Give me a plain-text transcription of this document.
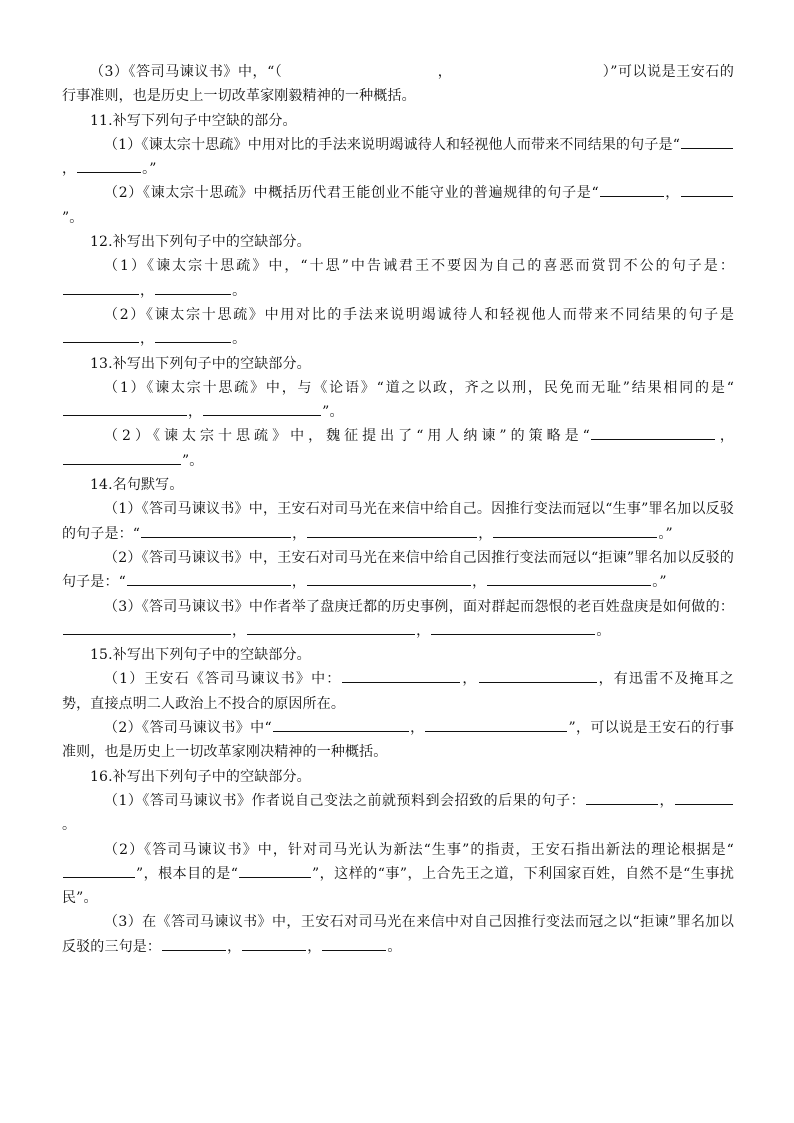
（3）《答司马谏议书》中，“（	，	）”可以说是王安石的行事准则，也是历史上一切改革家刚毅精神的一种概括。

11.补写下列句子中空缺的部分。

（1）《谏太宗十思疏》中用对比的手法来说明竭诚待人和轻视他人而带来不同结果的句子是“，	。”

（2）《谏太宗十思疏》中概括历代君王能创业不能守业的普遍规律的句子是“	，”。

12.补写出下列句子中的空缺部分。

（1）《谏太宗十思疏》中，“十思”中告诫君王不要因为自己的喜恶而赏罚不公的句子是：，	。

（2）《谏太宗十思疏》中用对比的手法来说明竭诚待人和轻视他人而带来不同结果的句子是，	。

13.补写出下列句子中的空缺部分。

（1）《谏太宗十思疏》中，与《论语》“道之以政，齐之以刑，民免而无耻”结果相同的是“，	”。

（2）《谏太宗十思疏》中，魏征提出了“用人纳谏”的策略是“	，”。

14.名句默写。

（1）《答司马谏议书》中，王安石对司马光在来信中给自己。因推行变法而冠以“生事”罪名加以反驳的句子是：“	，	，	。”

（2）《答司马谏议书》中，王安石对司马光在来信中给自己因推行变法而冠以“拒谏”罪名加以反驳的句子是：“	，	，	。”

（3）《答司马谏议书》中作者举了盘庚迁都的历史事例，面对群起而怨恨的老百姓盘庚是如何做的：，	，	。

15.补写出下列句子中的空缺部分。

（1）王安石《答司马谏议书》中：	，	，有迅雷不及掩耳之势，直接点明二人政治上不投合的原因所在。

（2）《答司马谏议书》中“	，	”，可以说是王安石的行事准则，也是历史上一切改革家刚决精神的一种概括。

16.补写出下列句子中的空缺部分。

（1）《答司马谏议书》作者说自己变法之前就预料到会招致的后果的句子：	，。

（2）《答司马谏议书》中，针对司马光认为新法“生事”的指责，王安石指出新法的理论根据是“”，根本目的是“	”，这样的“事”，上合先王之道，下利国家百姓，自然不是“生事扰民”。

（3）在《答司马谏议书》中，王安石对司马光在来信中对自己因推行变法而冠之以“拒谏”罪名加以反驳的三句是：	，	，	。
